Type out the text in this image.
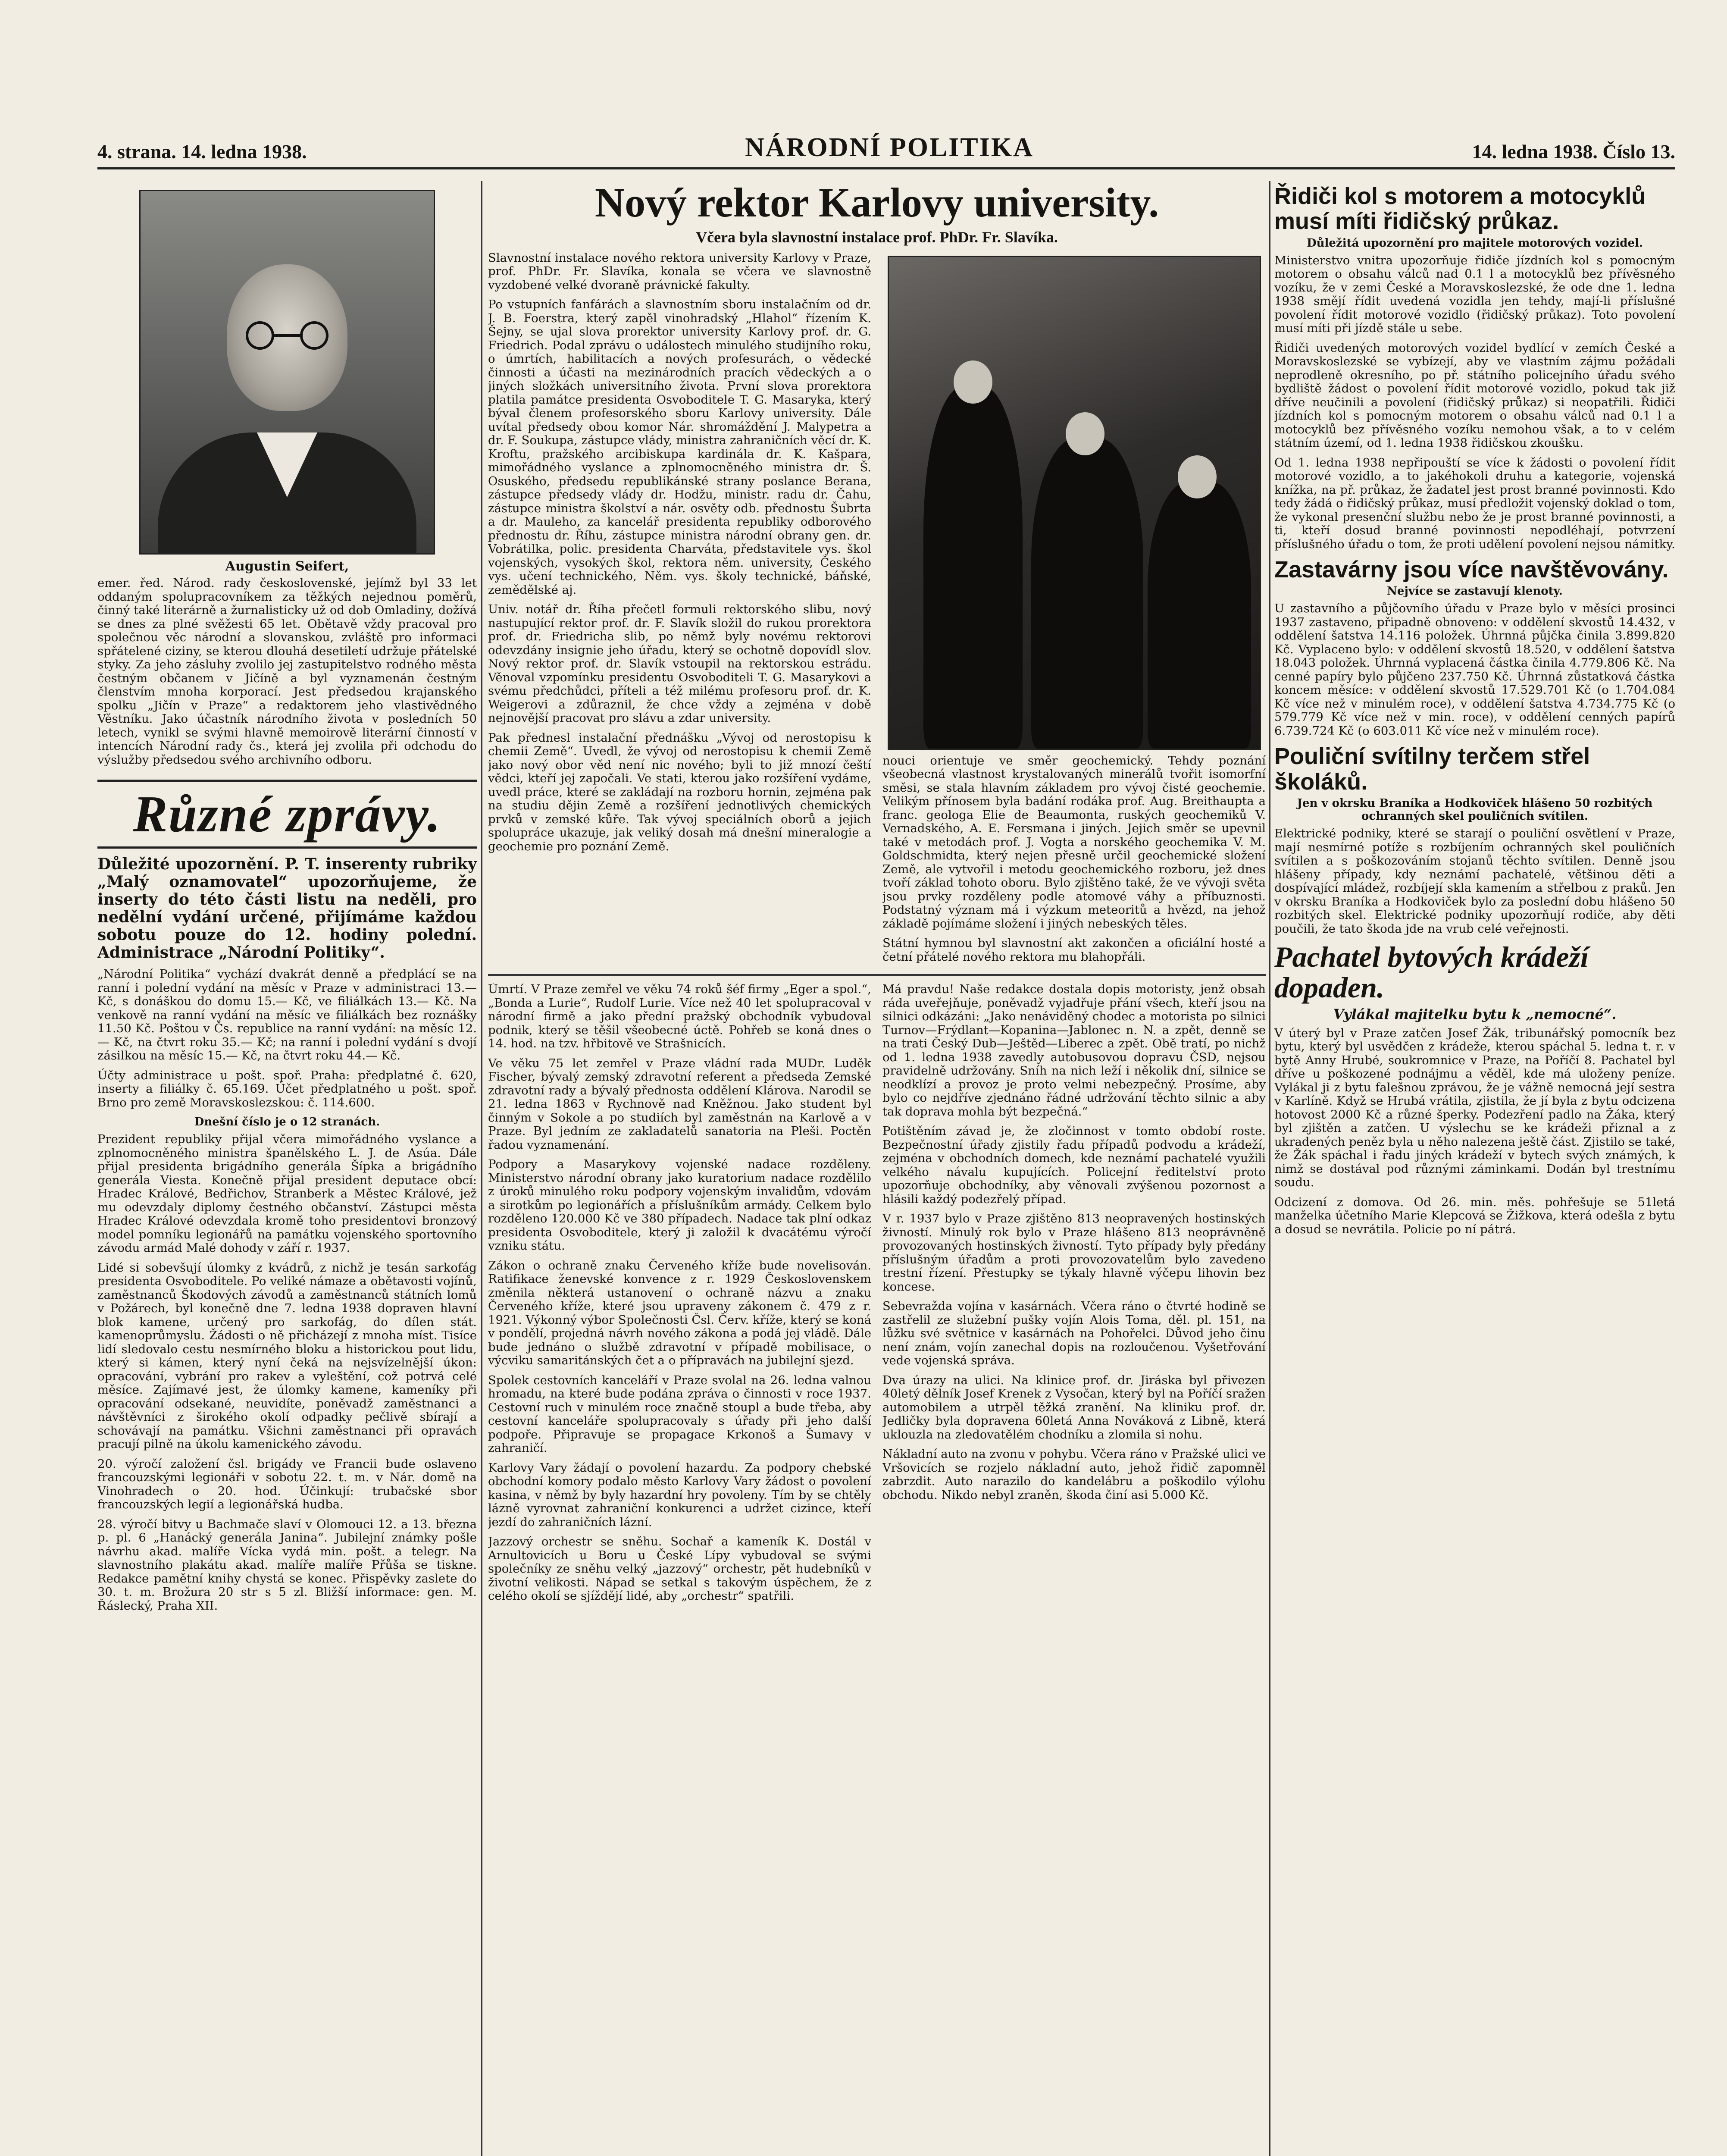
4. strana. 14. ledna 1938.	NÁRODNÍ POLITIKA	14. ledna 1938. Číslo 13.
Augustin Seifert,

emer. řed. Národ. rady československé, jejímž byl 33 let oddaným spolupracovníkem za těžkých nejednou poměrů, činný také literárně a žurnalisticky už od dob Omladiny, dožívá se dnes za plné svěžesti 65 let. Obětavě vždy pracoval pro společnou věc národní a slovanskou, zvláště pro informaci spřátelené ciziny, se kterou dlouhá desetiletí udržuje přátelské styky. Za jeho zásluhy zvolilo jej zastupitelstvo rodného města čestným občanem v Jičíně a byl vyznamenán čestným členstvím mnoha korporací. Jest předsedou krajanského spolku „Jičín v Praze“ a redaktorem jeho vlastivědného Věstníku. Jako účastník národního života v posledních 50 letech, vynikl se svými hlavně memoirově literární činností v intencích Národní rady čs., která jej zvolila při odchodu do výslužby předsedou svého archivního odboru.

Různé zprávy.

Důležité upozornění. P. T. inserenty rubriky „Malý oznamovatel“ upozorňujeme, že inserty do této části listu na neděli, pro nedělní vydání určené, přijímáme každou sobotu pouze do 12. hodiny polední. Administrace „Národní Politiky“.

„Národní Politika“ vychází dvakrát denně a předplácí se na ranní i polední vydání na měsíc v Praze v administraci 13.— Kč, s donáškou do domu 15.— Kč, ve filiálkách 13.— Kč. Na venkově na ranní vydání na měsíc ve filiálkách bez roznášky 11.50 Kč. Poštou v Čs. republice na ranní vydání: na měsíc 12.— Kč, na čtvrt roku 35.— Kč; na ranní i polední vydání s dvojí zásilkou na měsíc 15.— Kč, na čtvrt roku 44.— Kč.

Účty administrace u pošt. spoř. Praha: předplatné č. 620, inserty a filiálky č. 65.169. Účet předplatného u pošt. spoř. Brno pro země Moravskoslezskou: č. 114.600.

Dnešní číslo je o 12 stranách.

Prezident republiky přijal včera mimořádného vyslance a zplnomocněného ministra španělského L. J. de Asúa. Dále přijal presidenta brigádního generála Šípka a brigádního generála Viesta. Konečně přijal president deputace obcí: Hradec Králové, Bedřichov, Stranberk a Městec Králové, jež mu odevzdaly diplomy čestného občanství. Zástupci města Hradec Králové odevzdala kromě toho presidentovi bronzový model pomníku legionářů na památku vojenského sportovního závodu armád Malé dohody v září r. 1937.

Lidé si sobevšují úlomky z kvádrů, z nichž je tesán sarkofág presidenta Osvoboditele. Po veliké námaze a obětavosti vojínů, zaměstnanců Škodových závodů a zaměstnanců státních lomů v Požárech, byl konečně dne 7. ledna 1938 dopraven hlavní blok kamene, určený pro sarkofág, do dílen stát. kamenoprůmyslu. Žádosti o ně přicházejí z mnoha míst. Tisíce lidí sledovalo cestu nesmírného bloku a historickou pout lidu, který si kámen, který nyní čeká na nejsvízelnější úkon: opracování, vybrání pro rakev a vyleštění, což potrvá celé měsíce. Zajímavé jest, že úlomky kamene, kameníky při opracování odsekané, neuvidíte, poněvadž zaměstnanci a návštěvníci z širokého okolí odpadky pečlivě sbírají a schovávají na památku. Všichni zaměstnanci při opravách pracují pilně na úkolu kamenického závodu.

20. výročí založení čsl. brigády ve Francii bude oslaveno francouzskými legionáři v sobotu 22. t. m. v Nár. domě na Vinohradech o 20. hod. Účinkují: trubačské sbor francouzských legií a legionářská hudba.

28. výročí bitvy u Bachmače slaví v Olomouci 12. a 13. března p. pl. 6 „Hanácký generála Janina“. Jubilejní známky pošle návrhu akad. malíře Vícka vydá min. pošt. a telegr. Na slavnostního plakátu akad. malíře malíře Přůša se tiskne. Redakce pamětní knihy chystá se konec. Přispěvky zaslete do 30. t. m. Brožura 20 str s 5 zl. Bližší informace: gen. M. Řáslecký, Praha XII.

Nový rektor Karlovy university.
Včera byla slavnostní instalace prof. PhDr. Fr. Slavíka.

Slavnostní instalace nového rektora university Karlovy v Praze, prof. PhDr. Fr. Slavíka, konala se včera ve slavnostně vyzdobené velké dvoraně právnické fakulty.

Po vstupních fanfárách a slavnostním sboru instalačním od dr. J. B. Foerstra, který zapěl vinohradský „Hlahol“ řízením K. Šejny, se ujal slova prorektor university Karlovy prof. dr. G. Friedrich. Podal zprávu o událostech minulého studijního roku, o úmrtích, habilitacích a nových profesurách, o vědecké činnosti a účasti na mezinárodních pracích vědeckých a o jiných složkách universitního života. První slova prorektora platila památce presidenta Osvoboditele T. G. Masaryka, který býval členem profesorského sboru Karlovy university. Dále uvítal předsedy obou komor Nár. shromáždění J. Malypetra a dr. F. Soukupa, zástupce vlády, ministra zahraničních věcí dr. K. Kroftu, pražského arcibiskupa kardinála dr. K. Kašpara, mimořádného vyslance a zplnomocněného ministra dr. Š. Osuského, předsedu republikánské strany poslance Berana, zástupce předsedy vlády dr. Hodžu, ministr. radu dr. Čahu, zástupce ministra školství a nár. osvěty odb. přednostu Šubrta a dr. Mauleho, za kancelář presidenta republiky odborového přednostu dr. Říhu, zástupce ministra národní obrany gen. dr. Vobrátilka, polic. presidenta Charváta, představitele vys. škol vojenských, vysokých škol, rektora něm. university, Českého vys. učení technického, Něm. vys. školy technické, báňské, zemědělské aj.

Univ. notář dr. Říha přečetl formuli rektorského slibu, nový nastupující rektor prof. dr. F. Slavík složil do rukou prorektora prof. dr. Friedricha slib, po němž byly novému rektorovi odevzdány insignie jeho úřadu, který se ochotně dopovídl slov. Nový rektor prof. dr. Slavík vstoupil na rektorskou estrádu. Věnoval vzpomínku presidentu Osvoboditeli T. G. Masarykovi a svému předchůdci, příteli a též milému profesoru prof. dr. K. Weigerovi a zdůraznil, že chce vždy a zejména v době nejnovější pracovat pro slávu a zdar university.

Pak přednesl instalační přednášku „Vývoj od nerostopisu k chemii Země“. Uvedl, že vývoj od nerostopisu k chemii Země jako nový obor věd není nic nového; byli to již mnozí čeští vědci, kteří jej započali. Ve stati, kterou jako rozšíření vydáme, uvedl práce, které se zakládají na rozboru hornin, zejména pak na studiu dějin Země a rozšíření jednotlivých chemických prvků v zemské kůře. Tak vývoj speciálních oborů a jejich spolupráce ukazuje, jak veliký dosah má dnešní mineralogie a geochemie pro poznání Země.

nouci orientuje ve směr geochemický. Tehdy poznání všeobecná vlastnost krystalovaných minerálů tvořit isomorfní směsi, se stala hlavním základem pro vývoj čisté geochemie. Velikým přínosem byla badání rodáka prof. Aug. Breithaupta a franc. geologa Elie de Beaumonta, ruských geochemiků V. Vernadského, A. E. Fersmana i jiných. Jejich směr se upevnil také v metodách prof. J. Vogta a norského geochemika V. M. Goldschmidta, který nejen přesně určil geochemické složení Země, ale vytvořil i metodu geochemického rozboru, jež dnes tvoří základ tohoto oboru. Bylo zjištěno také, že ve vývoji světa jsou prvky rozděleny podle atomové váhy a příbuznosti. Podstatný význam má i výzkum meteoritů a hvězd, na jehož základě pojímáme složení i jiných nebeských těles.

Státní hymnou byl slavnostní akt zakončen a oficiální hosté a četní přátelé nového rektora mu blahopřáli.

Úmrtí. V Praze zemřel ve věku 74 roků šéf firmy „Eger a spol.“, „Bonda a Lurie“, Rudolf Lurie. Více než 40 let spolupracoval v národní firmě a jako přední pražský obchodník vybudoval podnik, který se těšil všeobecné úctě. Pohřeb se koná dnes o 14. hod. na tzv. hřbitově ve Strašnicích.

Ve věku 75 let zemřel v Praze vládní rada MUDr. Luděk Fischer, bývalý zemský zdravotní referent a předseda Zemské zdravotní rady a bývalý přednosta oddělení Klárova. Narodil se 21. ledna 1863 v Rychnově nad Kněžnou. Jako student byl činným v Sokole a po studiích byl zaměstnán na Karlově a v Praze. Byl jedním ze zakladatelů sanatoria na Pleši. Poctěn řadou vyznamenání.

Podpory a Masarykovy vojenské nadace rozděleny. Ministerstvo národní obrany jako kuratorium nadace rozdělilo z úroků minulého roku podpory vojenským invalidům, vdovám a sirotkům po legionářích a příslušníkům armády. Celkem bylo rozděleno 120.000 Kč ve 380 případech. Nadace tak plní odkaz presidenta Osvoboditele, který ji založil k dvacátému výročí vzniku státu.

Zákon o ochraně znaku Červeného kříže bude novelisován. Ratifikace ženevské konvence z r. 1929 Československem změnila některá ustanovení o ochraně názvu a znaku Červeného kříže, které jsou upraveny zákonem č. 479 z r. 1921. Výkonný výbor Společnosti Čsl. Červ. kříže, který se koná v pondělí, projedná návrh nového zákona a podá jej vládě. Dále bude jednáno o službě zdravotní v případě mobilisace, o výcviku samaritánských čet a o přípravách na jubilejní sjezd.

Spolek cestovních kanceláří v Praze svolal na 26. ledna valnou hromadu, na které bude podána zpráva o činnosti v roce 1937. Cestovní ruch v minulém roce značně stoupl a bude třeba, aby cestovní kanceláře spolupracovaly s úřady při jeho další podpoře. Připravuje se propagace Krkonoš a Šumavy v zahraničí.

Karlovy Vary žádají o povolení hazardu. Za podpory chebské obchodní komory podalo město Karlovy Vary žádost o povolení kasina, v němž by byly hazardní hry povoleny. Tím by se chtěly lázně vyrovnat zahraniční konkurenci a udržet cizince, kteří jezdí do zahraničních lázní.

Jazzový orchestr se sněhu. Sochař a kameník K. Dostál v Arnultovicích u Boru u České Lípy vybudoval se svými společníky ze sněhu velký „jazzový“ orchestr, pět hudebníků v životní velikosti. Nápad se setkal s takovým úspěchem, že z celého okolí se sjíždějí lidé, aby „orchestr“ spatřili.

Má pravdu! Naše redakce dostala dopis motoristy, jenž obsah ráda uveřejňuje, poněvadž vyjadřuje přání všech, kteří jsou na silnici odkázáni: „Jako nenáviděný chodec a motorista po silnici Turnov—Frýdlant—Kopanina—Jablonec n. N. a zpět, denně se na trati Český Dub—Ještěd—Liberec a zpět. Obě tratí, po nichž od 1. ledna 1938 zavedly autobusovou dopravu ČSD, nejsou pravidelně udržovány. Sníh na nich leží i několik dní, silnice se neodklízí a provoz je proto velmi nebezpečný. Prosíme, aby bylo co nejdříve zjednáno řádné udržování těchto silnic a aby tak doprava mohla být bezpečná.“

Potištěním závad je, že zločinnost v tomto období roste. Bezpečnostní úřady zjistily řadu případů podvodu a krádeží, zejména v obchodních domech, kde neznámí pachatelé využili velkého návalu kupujících. Policejní ředitelství proto upozorňuje obchodníky, aby věnovali zvýšenou pozornost a hlásili každý podezřelý případ.

V r. 1937 bylo v Praze zjištěno 813 neopravených hostinských živností. Minulý rok bylo v Praze hlášeno 813 neoprávněně provozovaných hostinských živností. Tyto případy byly předány příslušným úřadům a proti provozovatelům bylo zavedeno trestní řízení. Přestupky se týkaly hlavně výčepu lihovin bez koncese.

Sebevražda vojína v kasárnách. Včera ráno o čtvrté hodině se zastřelil ze služební pušky vojín Alois Toma, děl. pl. 151, na lůžku své světnice v kasárnách na Pohořelci. Důvod jeho činu není znám, vojín zanechal dopis na rozloučenou. Vyšetřování vede vojenská správa.

Dva úrazy na ulici. Na klinice prof. dr. Jiráska byl přivezen 40letý dělník Josef Krenek z Vysočan, který byl na Poříčí sražen automobilem a utrpěl těžká zranění. Na kliniku prof. dr. Jedličky byla dopravena 60letá Anna Nováková z Libně, která uklouzla na zledovatělém chodníku a zlomila si nohu.

Nákladní auto na zvonu v pohybu. Včera ráno v Pražské ulici ve Vršovicích se rozjelo nákladní auto, jehož řidič zapomněl zabrzdit. Auto narazilo do kandelábru a poškodilo výlohu obchodu. Nikdo nebyl zraněn, škoda činí asi 5.000 Kč.

Řidiči kol s motorem a motocyklů musí míti řidičský průkaz.
Důležitá upozornění pro majitele motorových vozidel.

Ministerstvo vnitra upozorňuje řidiče jízdních kol s pomocným motorem o obsahu válců nad 0.1 l a motocyklů bez přívěsného vozíku, že v zemi České a Moravskoslezské, že ode dne 1. ledna 1938 smějí řídit uvedená vozidla jen tehdy, mají-li příslušné povolení řídit motorové vozidlo (řidičský průkaz). Toto povolení musí míti při jízdě stále u sebe.

Řidiči uvedených motorových vozidel bydlící v zemích České a Moravskoslezské se vybízejí, aby ve vlastním zájmu požádali neprodleně okresního, po př. státního policejního úřadu svého bydliště žádost o povolení řídit motorové vozidlo, pokud tak již dříve neučinili a povolení (řidičský průkaz) si neopatřili. Řidiči jízdních kol s pomocným motorem o obsahu válců nad 0.1 l a motocyklů bez přívěsného vozíku nemohou však, a to v celém státním území, od 1. ledna 1938 řidičskou zkoušku.

Od 1. ledna 1938 nepřipouští se více k žádosti o povolení řídit motorové vozidlo, a to jakéhokoli druhu a kategorie, vojenská knížka, na př. průkaz, že žadatel jest prost branné povinnosti. Kdo tedy žádá o řidičský průkaz, musí předložit vojenský doklad o tom, že vykonal presenční službu nebo že je prost branné povinnosti, a ti, kteří dosud branné povinnosti nepodléhají, potvrzení příslušného úřadu o tom, že proti udělení povolení nejsou námitky.

Zastavárny jsou více navštěvovány.
Nejvíce se zastavují klenoty.

U zastavního a půjčovního úřadu v Praze bylo v měsíci prosinci 1937 zastaveno, připadně obnoveno: v oddělení skvostů 14.432, v oddělení šatstva 14.116 položek. Úhrnná půjčka činila 3.899.820 Kč. Vyplaceno bylo: v oddělení skvostů 18.520, v oddělení šatstva 18.043 položek. Úhrnná vyplacená částka činila 4.779.806 Kč. Na cenné papíry bylo půjčeno 237.750 Kč. Úhrnná zůstatková částka koncem měsíce: v oddělení skvostů 17.529.701 Kč (o 1.704.084 Kč více než v minulém roce), v oddělení šatstva 4.734.775 Kč (o 579.779 Kč více než v min. roce), v oddělení cenných papírů 6.739.724 Kč (o 603.011 Kč více než v minulém roce).

Pouliční svítilny terčem střel školáků.
Jen v okrsku Braníka a Hodkoviček hlášeno 50 rozbitých ochranných skel pouličních svítilen.

Elektrické podniky, které se starají o pouliční osvětlení v Praze, mají nesmírné potíže s rozbíjením ochranných skel pouličních svítilen a s poškozováním stojanů těchto svítilen. Denně jsou hlášeny případy, kdy neznámí pachatelé, většinou děti a dospívající mládež, rozbíjejí skla kamením a střelbou z praků. Jen v okrsku Braníka a Hodkoviček bylo za poslední dobu hlášeno 50 rozbitých skel. Elektrické podniky upozorňují rodiče, aby děti poučili, že tato škoda jde na vrub celé veřejnosti.

Pachatel bytových krádeží dopaden.
Vylákal majitelku bytu k „nemocné“.

V úterý byl v Praze zatčen Josef Žák, tribunářský pomocník bez bytu, který byl usvědčen z krádeže, kterou spáchal 5. ledna t. r. v bytě Anny Hrubé, soukromnice v Praze, na Poříčí 8. Pachatel byl dříve u poškozené podnájmu a věděl, kde má uloženy peníze. Vylákal ji z bytu falešnou zprávou, že je vážně nemocná její sestra v Karlíně. Když se Hrubá vrátila, zjistila, že jí byla z bytu odcizena hotovost 2000 Kč a různé šperky. Podezření padlo na Žáka, který byl zjištěn a zatčen. U výslechu se ke krádeži přiznal a z ukradených peněz byla u něho nalezena ještě část. Zjistilo se také, že Žák spáchal i řadu jiných krádeží v bytech svých známých, k nimž se dostával pod různými záminkami. Dodán byl trestnímu soudu.

Odcizení z domova. Od 26. min. měs. pohřešuje se 51letá manželka účetního Marie Klepcová se Žižkova, která odešla z bytu a dosud se nevrátila. Policie po ní pátrá.
